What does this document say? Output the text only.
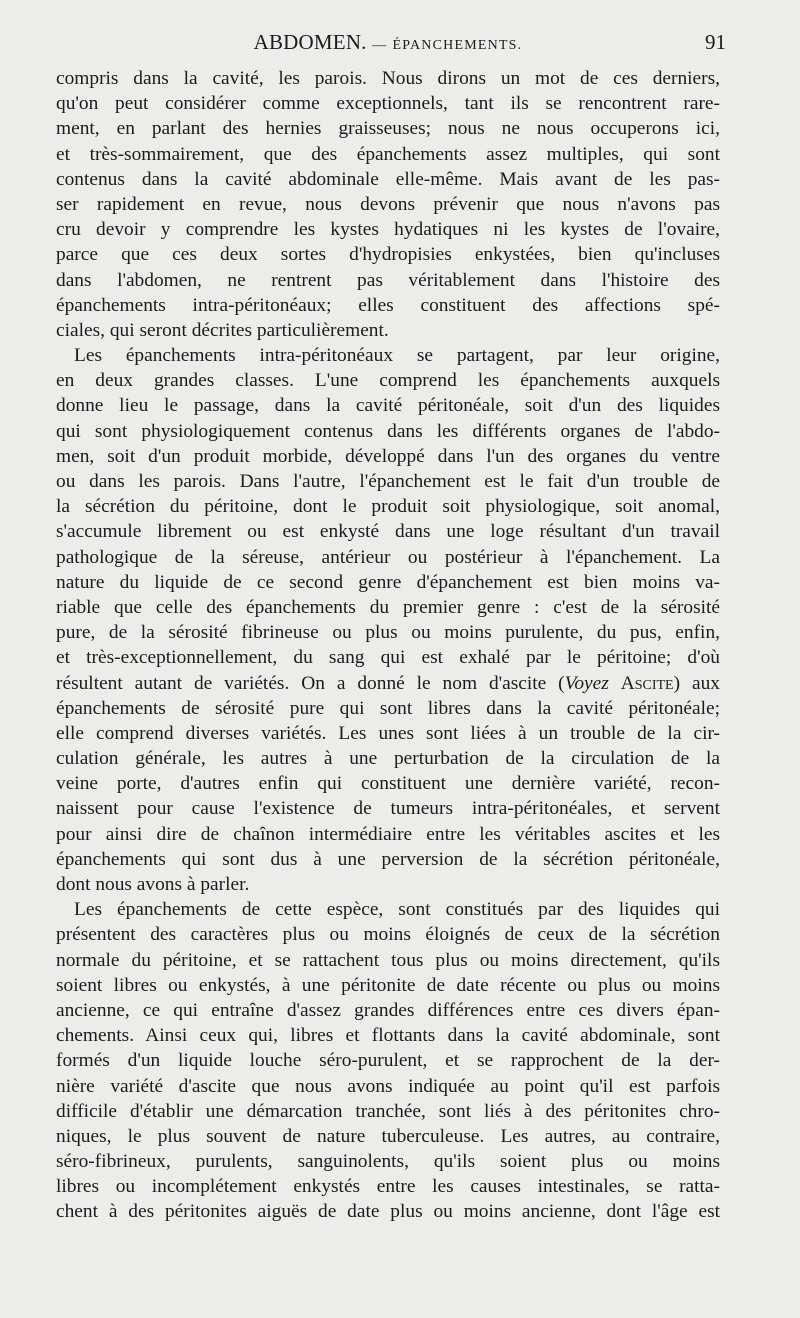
ABDOMEN. — ÉPANCHEMENTS.	91
compris dans la cavité, les parois. Nous dirons un mot de ces derniers,
qu'on peut considérer comme exceptionnels, tant ils se rencontrent rare-
ment, en parlant des hernies graisseuses; nous ne nous occuperons ici,
et très-sommairement, que des épanchements assez multiples, qui sont
contenus dans la cavité abdominale elle-même. Mais avant de les pas-
ser rapidement en revue, nous devons prévenir que nous n'avons pas
cru devoir y comprendre les kystes hydatiques ni les kystes de l'ovaire,
parce que ces deux sortes d'hydropisies enkystées, bien qu'incluses
dans l'abdomen, ne rentrent pas véritablement dans l'histoire des
épanchements intra-péritonéaux; elles constituent des affections spé-
ciales, qui seront décrites particulièrement.
Les épanchements intra-péritonéaux se partagent, par leur origine,
en deux grandes classes. L'une comprend les épanchements auxquels
donne lieu le passage, dans la cavité péritonéale, soit d'un des liquides
qui sont physiologiquement contenus dans les différents organes de l'abdo-
men, soit d'un produit morbide, développé dans l'un des organes du ventre
ou dans les parois. Dans l'autre, l'épanchement est le fait d'un trouble de
la sécrétion du péritoine, dont le produit soit physiologique, soit anomal,
s'accumule librement ou est enkysté dans une loge résultant d'un travail
pathologique de la séreuse, antérieur ou postérieur à l'épanchement. La
nature du liquide de ce second genre d'épanchement est bien moins va-
riable que celle des épanchements du premier genre : c'est de la sérosité
pure, de la sérosité fibrineuse ou plus ou moins purulente, du pus, enfin,
et très-exceptionnellement, du sang qui est exhalé par le péritoine; d'où
résultent autant de variétés. On a donné le nom d'ascite (Voyez Ascite) aux
épanchements de sérosité pure qui sont libres dans la cavité péritonéale;
elle comprend diverses variétés. Les unes sont liées à un trouble de la cir-
culation générale, les autres à une perturbation de la circulation de la
veine porte, d'autres enfin qui constituent une dernière variété, recon-
naissent pour cause l'existence de tumeurs intra-péritonéales, et servent
pour ainsi dire de chaînon intermédiaire entre les véritables ascites et les
épanchements qui sont dus à une perversion de la sécrétion péritonéale,
dont nous avons à parler.
Les épanchements de cette espèce, sont constitués par des liquides qui
présentent des caractères plus ou moins éloignés de ceux de la sécrétion
normale du péritoine, et se rattachent tous plus ou moins directement, qu'ils
soient libres ou enkystés, à une péritonite de date récente ou plus ou moins
ancienne, ce qui entraîne d'assez grandes différences entre ces divers épan-
chements. Ainsi ceux qui, libres et flottants dans la cavité abdominale, sont
formés d'un liquide louche séro-purulent, et se rapprochent de la der-
nière variété d'ascite que nous avons indiquée au point qu'il est parfois
difficile d'établir une démarcation tranchée, sont liés à des péritonites chro-
niques, le plus souvent de nature tuberculeuse. Les autres, au contraire,
séro-fibrineux, purulents, sanguinolents, qu'ils soient plus ou moins
libres ou incomplétement enkystés entre les causes intestinales, se ratta-
chent à des péritonites aiguës de date plus ou moins ancienne, dont l'âge est
